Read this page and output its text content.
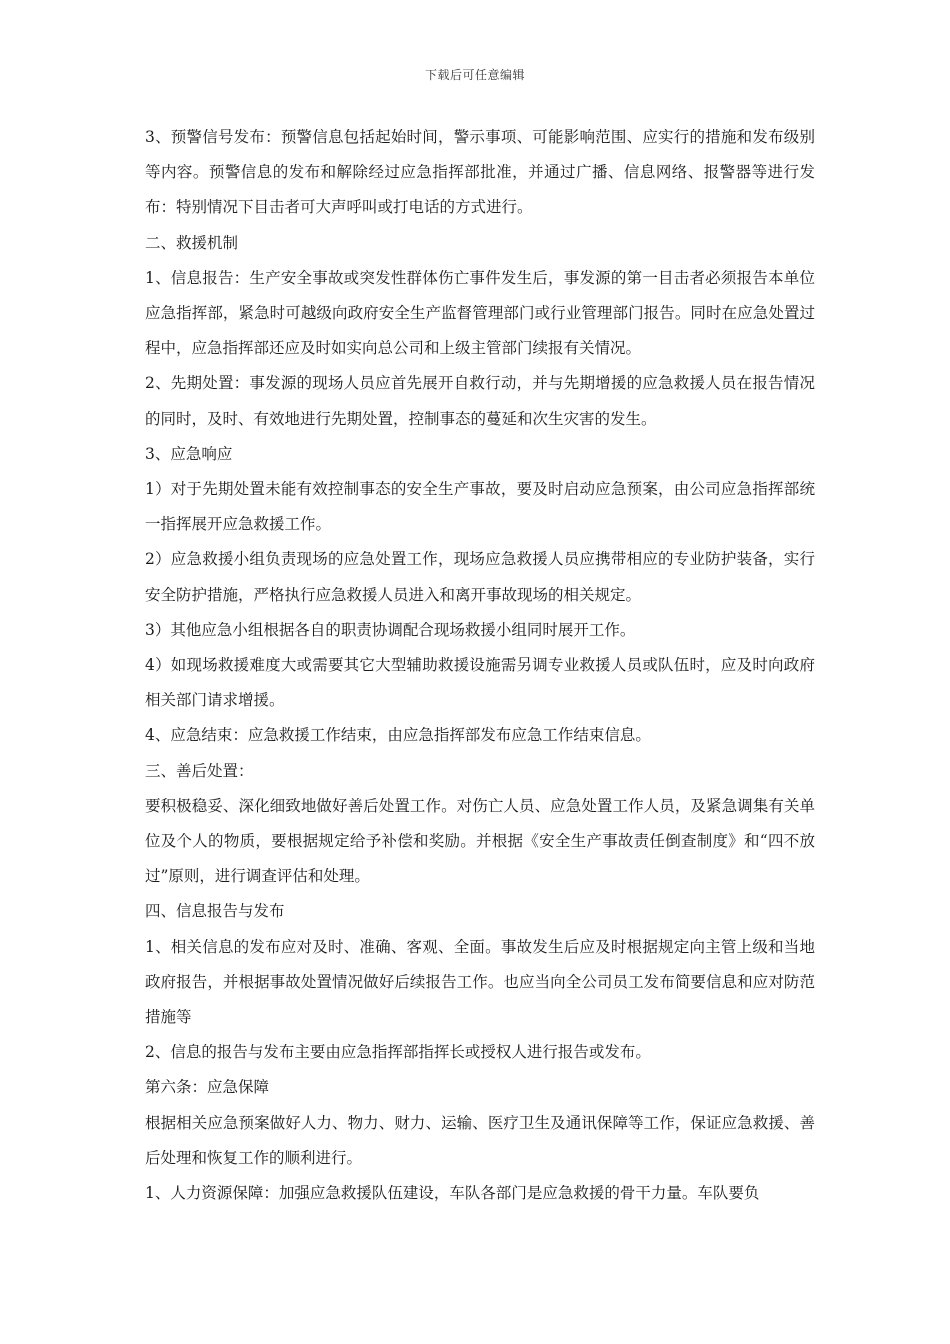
下载后可任意编辑

3、预警信号发布：预警信息包括起始时间，警示事项、可能影响范围、应实行的措施和发布级别等内容。预警信息的发布和解除经过应急指挥部批准，并通过广播、信息网络、报警器等进行发布：特别情况下目击者可大声呼叫或打电话的方式进行。

二、救援机制

1、信息报告：生产安全事故或突发性群体伤亡事件发生后，事发源的第一目击者必须报告本单位应急指挥部，紧急时可越级向政府安全生产监督管理部门或行业管理部门报告。同时在应急处置过程中，应急指挥部还应及时如实向总公司和上级主管部门续报有关情况。

2、先期处置：事发源的现场人员应首先展开自救行动，并与先期增援的应急救援人员在报告情况的同时，及时、有效地进行先期处置，控制事态的蔓延和次生灾害的发生。

3、应急响应

1）对于先期处置未能有效控制事态的安全生产事故，要及时启动应急预案，由公司应急指挥部统一指挥展开应急救援工作。

2）应急救援小组负责现场的应急处置工作，现场应急救援人员应携带相应的专业防护装备，实行安全防护措施，严格执行应急救援人员进入和离开事故现场的相关规定。

3）其他应急小组根据各自的职责协调配合现场救援小组同时展开工作。

4）如现场救援难度大或需要其它大型辅助救援设施需另调专业救援人员或队伍时，应及时向政府相关部门请求增援。

4、应急结束：应急救援工作结束，由应急指挥部发布应急工作结束信息。

三、善后处置：

要积极稳妥、深化细致地做好善后处置工作。对伤亡人员、应急处置工作人员，及紧急调集有关单位及个人的物质，要根据规定给予补偿和奖励。并根据《安全生产事故责任倒查制度》和“四不放过”原则，进行调查评估和处理。

四、信息报告与发布

1、相关信息的发布应对及时、准确、客观、全面。事故发生后应及时根据规定向主管上级和当地政府报告，并根据事故处置情况做好后续报告工作。也应当向全公司员工发布简要信息和应对防范措施等

2、信息的报告与发布主要由应急指挥部指挥长或授权人进行报告或发布。

第六条：应急保障

根据相关应急预案做好人力、物力、财力、运输、医疗卫生及通讯保障等工作，保证应急救援、善后处理和恢复工作的顺利进行。

1、人力资源保障：加强应急救援队伍建设，车队各部门是应急救援的骨干力量。车队要负
